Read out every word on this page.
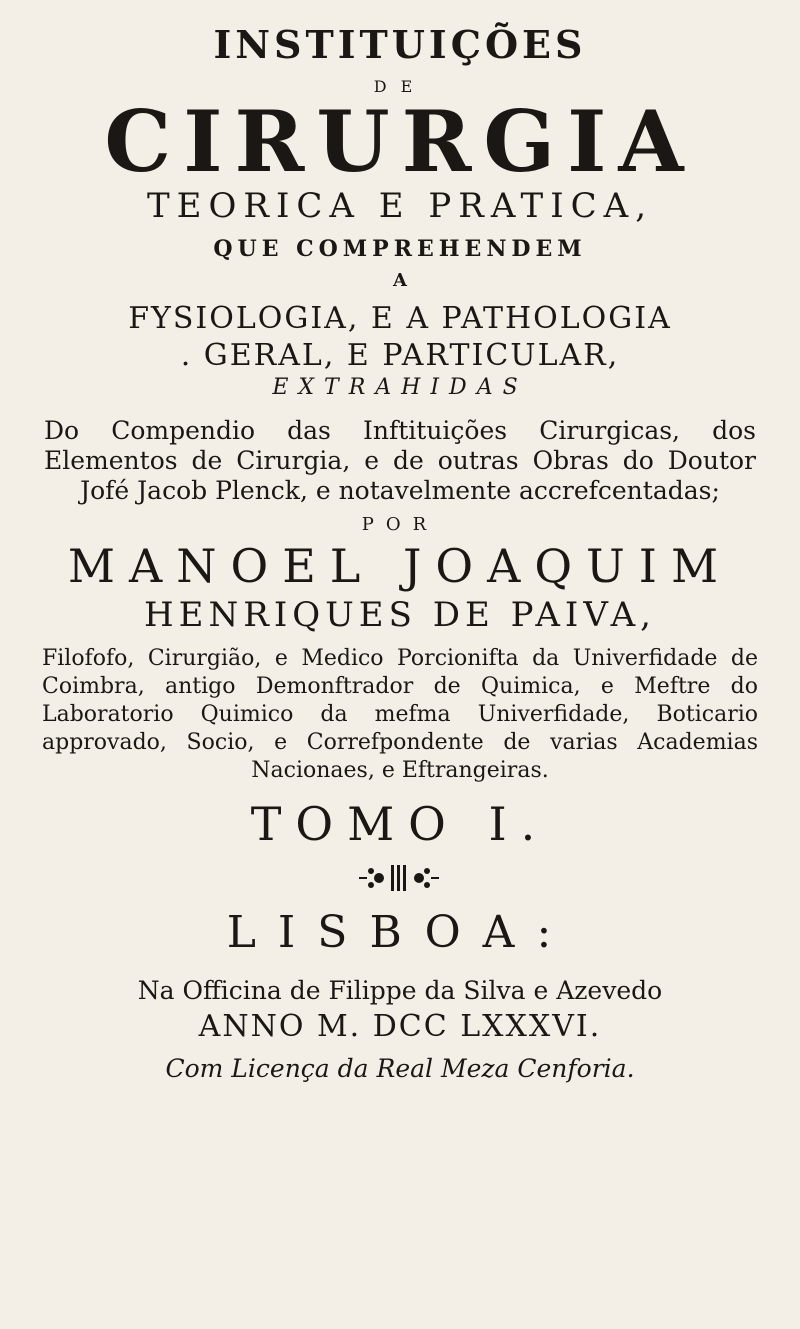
INSTITUIÇÕES
DE
CIRURGIA
TEORICA E PRATICA,
QUE COMPREHENDEM
A
FYSIOLOGIA, E A PATHOLOGIA
. GERAL, E PARTICULAR,
EXTRAHIDAS
Do Compendio das Inftituições Cirurgicas, dos Elementos de Cirurgia, e de outras Obras do Doutor Jofé Jacob Plenck, e notavelmente accrefcentadas;
POR
MANOEL JOAQUIM
HENRIQUES DE PAIVA,
Filofofo, Cirurgião, e Medico Porcionifta da Univerfidade de Coimbra, antigo Demonftrador de Quimica, e Meftre do Laboratorio Quimico da mefma Univerfidade, Boticario approvado, Socio, e Correfpondente de varias Academias Nacionaes, e Eftrangeiras.
TOMO I.
LISBOA:
Na Officina de Filippe da Silva e Azevedo
ANNO M. DCC LXXXVI.
Com Licença da Real Meza Cenforia.
